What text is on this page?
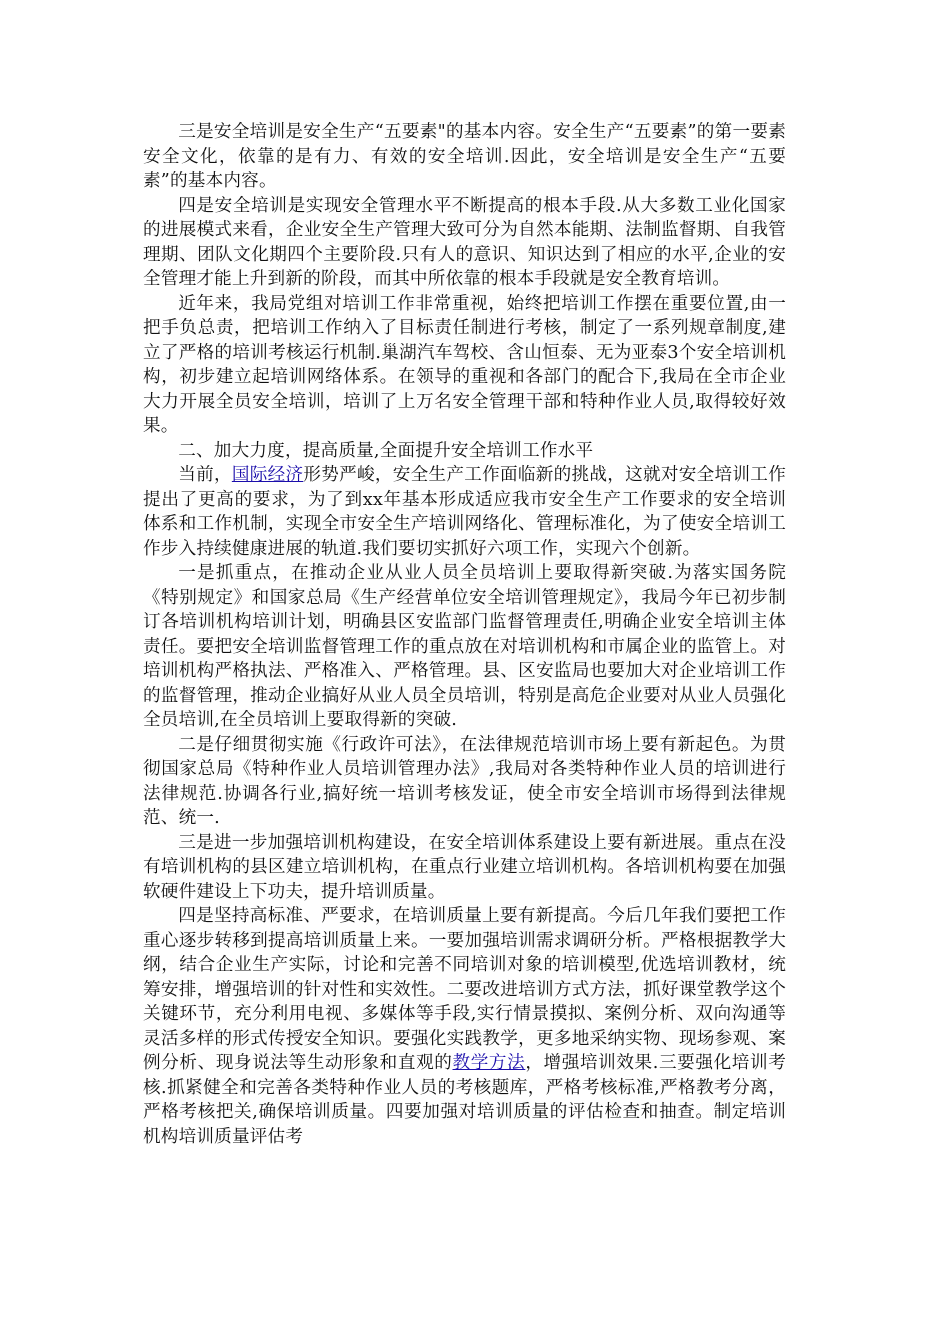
三是安全培训是安全生产“五要素"的基本内容。安全生产“五要素”的第一要素安全文化，依靠的是有力、有效的安全培训.因此，安全培训是安全生产“五要素”的基本内容。

四是安全培训是实现安全管理水平不断提高的根本手段.从大多数工业化国家的进展模式来看，企业安全生产管理大致可分为自然本能期、法制监督期、自我管理期、团队文化期四个主要阶段.只有人的意识、知识达到了相应的水平,企业的安全管理才能上升到新的阶段，而其中所依靠的根本手段就是安全教育培训。

近年来，我局党组对培训工作非常重视，始终把培训工作摆在重要位置,由一把手负总责，把培训工作纳入了目标责任制进行考核，制定了一系列规章制度,建立了严格的培训考核运行机制.巢湖汽车驾校、含山恒泰、无为亚泰3个安全培训机构，初步建立起培训网络体系。在领导的重视和各部门的配合下,我局在全市企业大力开展全员安全培训，培训了上万名安全管理干部和特种作业人员,取得较好效果。

二、加大力度，提高质量,全面提升安全培训工作水平

当前，国际经济形势严峻，安全生产工作面临新的挑战，这就对安全培训工作提出了更高的要求，为了到xx年基本形成适应我市安全生产工作要求的安全培训体系和工作机制，实现全市安全生产培训网络化、管理标准化，为了使安全培训工作步入持续健康进展的轨道.我们要切实抓好六项工作，实现六个创新。

一是抓重点，在推动企业从业人员全员培训上要取得新突破.为落实国务院《特别规定》和国家总局《生产经营单位安全培训管理规定》，我局今年已初步制订各培训机构培训计划，明确县区安监部门监督管理责任,明确企业安全培训主体责任。要把安全培训监督管理工作的重点放在对培训机构和市属企业的监管上。对培训机构严格执法、严格准入、严格管理。县、区安监局也要加大对企业培训工作的监督管理，推动企业搞好从业人员全员培训，特别是高危企业要对从业人员强化全员培训,在全员培训上要取得新的突破.

二是仔细贯彻实施《行政许可法》，在法律规范培训市场上要有新起色。为贯彻国家总局《特种作业人员培训管理办法》,我局对各类特种作业人员的培训进行法律规范.协调各行业,搞好统一培训考核发证，使全市安全培训市场得到法律规范、统一.

三是进一步加强培训机构建设，在安全培训体系建设上要有新进展。重点在没有培训机构的县区建立培训机构，在重点行业建立培训机构。各培训机构要在加强软硬件建设上下功夫，提升培训质量。

四是坚持高标准、严要求，在培训质量上要有新提高。今后几年我们要把工作重心逐步转移到提高培训质量上来。一要加强培训需求调研分析。严格根据教学大纲，结合企业生产实际，讨论和完善不同培训对象的培训模型,优选培训教材，统筹安排，增强培训的针对性和实效性。二要改进培训方式方法，抓好课堂教学这个关键环节，充分利用电视、多媒体等手段,实行情景摸拟、案例分析、双向沟通等灵活多样的形式传授安全知识。要强化实践教学，更多地采纳实物、现场参观、案例分析、现身说法等生动形象和直观的教学方法，增强培训效果.三要强化培训考核.抓紧健全和完善各类特种作业人员的考核题库，严格考核标准,严格教考分离，严格考核把关,确保培训质量。四要加强对培训质量的评估检查和抽查。制定培训机构培训质量评估考
